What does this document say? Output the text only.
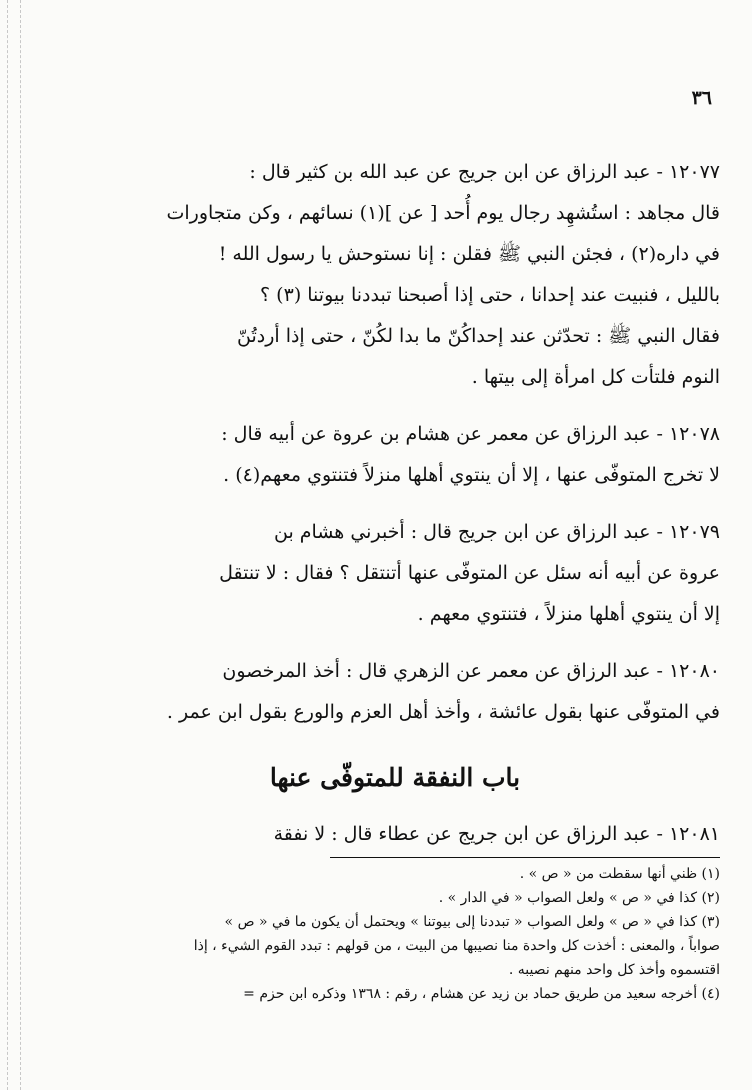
٣٦

١٢٠٧٧ - عبد الرزاق عن ابن جريج عن عبد الله بن كثير قال :

قال مجاهد : استُشهِد رجال يوم أُحد [ عن ](١) نسائهم ، وكن متجاورات

في داره(٢) ، فجئن النبي ﷺ فقلن : إنا نستوحش يا رسول الله !

بالليل ، فنبيت عند إحدانا ، حتى إذا أصبحنا تبددنا بيوتنا (٣) ؟

فقال النبي ﷺ : تحدّثن عند إحداكُنّ ما بدا لكُنّ ، حتى إذا أردتُنّ

النوم فلتأت كل امرأة إلى بيتها .

١٢٠٧٨ - عبد الرزاق عن معمر عن هشام بن عروة عن أبيه قال :

لا تخرج المتوفّى عنها ، إلا أن ينتوي أهلها منزلاً فتنتوي معهم(٤) .

١٢٠٧٩ - عبد الرزاق عن ابن جريج قال : أخبرني هشام بن

عروة عن أبيه أنه سئل عن المتوفّى عنها أتنتقل ؟ فقال : لا تنتقل

إلا أن ينتوي أهلها منزلاً ، فتنتوي معهم .

١٢٠٨٠ - عبد الرزاق عن معمر عن الزهري قال : أخذ المرخصون

في المتوفّى عنها بقول عائشة ، وأخذ أهل العزم والورع بقول ابن عمر .

باب النفقة للمتوفّى عنها

١٢٠٨١ - عبد الرزاق عن ابن جريج عن عطاء قال : لا نفقة

(١) ظني أنها سقطت من « ص » .

(٢) كذا في « ص » ولعل الصواب « في الدار » .

(٣) كذا في « ص » ولعل الصواب « تبددنا إلى بيوتنا » ويحتمل أن يكون ما في « ص »

صواباً ، والمعنى : أخذت كل واحدة منا نصيبها من البيت ، من قولهم : تبدد القوم الشيء ، إذا

اقتسموه وأخذ كل واحد منهم نصيبه .

(٤) أخرجه سعيد من طريق حماد بن زيد عن هشام ، رقم : ١٣٦٨ وذكره ابن حزم =
